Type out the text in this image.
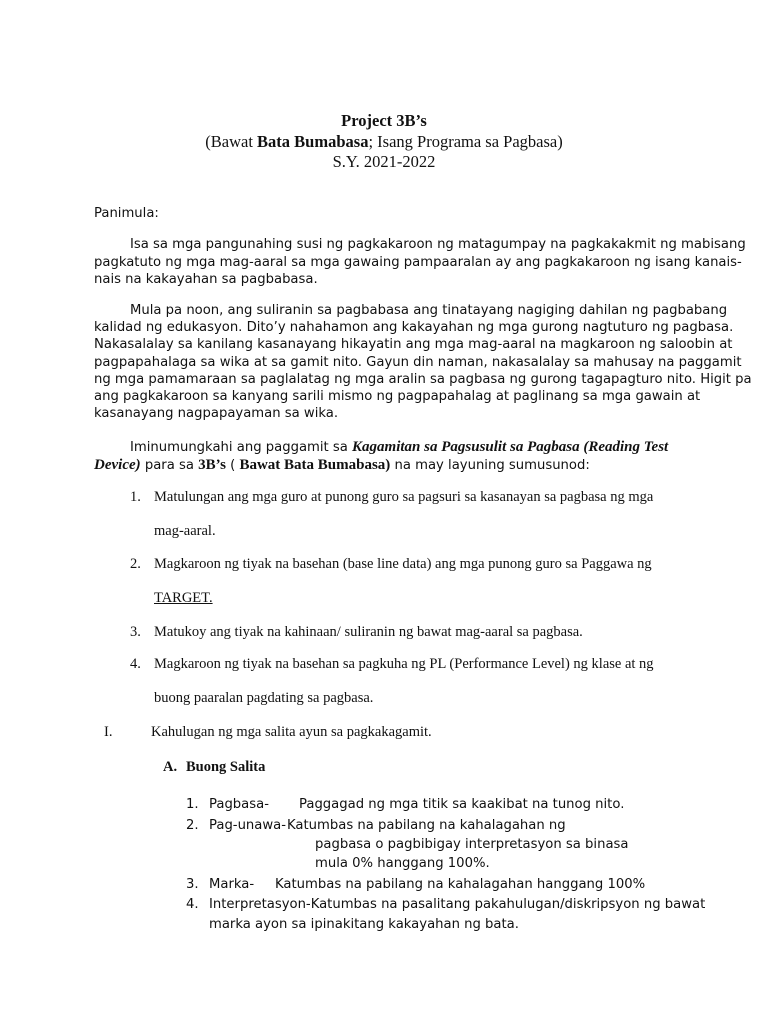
Project 3B’s
(Bawat Bata Bumabasa; Isang Programa sa Pagbasa)
S.Y. 2021-2022
Panimula:
Isa sa mga pangunahing susi ng pagkakaroon ng matagumpay na pagkakakmit ng mabisang
pagkatuto ng mga mag-aaral sa mga gawaing pampaaralan ay ang pagkakaroon ng isang kanais-
nais na kakayahan sa pagbabasa.
Mula pa noon, ang suliranin sa pagbabasa ang tinatayang nagiging dahilan ng pagbabang
kalidad ng edukasyon. Dito’y nahahamon ang kakayahan ng mga gurong nagtuturo ng pagbasa.
Nakasalalay sa kanilang kasanayang hikayatin ang mga mag-aaral na magkaroon ng saloobin at
pagpapahalaga sa wika at sa gamit nito. Gayun din naman, nakasalalay sa mahusay na paggamit
ng mga pamamaraan sa paglalatag ng mga aralin sa pagbasa ng gurong tagapagturo nito. Higit pa
ang pagkakaroon sa kanyang sarili mismo ng pagpapahalag at paglinang sa mga gawain at
kasanayang nagpapayaman sa wika.
Iminumungkahi ang paggamit sa Kagamitan sa Pagsusulit sa Pagbasa (Reading Test
Device) para sa 3B’s ( Bawat Bata Bumabasa) na may layuning sumusunod:
1. Matulungan ang mga guro at punong guro sa pagsuri sa kasanayan sa pagbasa ng mga
mag-aaral.
2. Magkaroon ng tiyak na basehan (base line data) ang mga punong guro sa Paggawa ng
TARGET.
3. Matukoy ang tiyak na kahinaan/ suliranin ng bawat mag-aaral sa pagbasa.
4. Magkaroon ng tiyak na basehan sa pagkuha ng PL (Performance Level) ng klase at ng
buong paaralan pagdating sa pagbasa.
I.	Kahulugan ng mga salita ayun sa pagkakagamit.
A. Buong Salita
1. Pagbasa- Paggagad ng mga titik sa kaakibat na tunog nito.
2. Pag-unawa- Katumbas na pabilang na kahalagahan ng
pagbasa o pagbibigay interpretasyon sa binasa
mula 0% hanggang 100%.
3. Marka- Katumbas na pabilang na kahalagahan hanggang 100%
4. Interpretasyon-Katumbas na pasalitang pakahulugan/diskripsyon ng bawat
marka ayon sa ipinakitang kakayahan ng bata.
